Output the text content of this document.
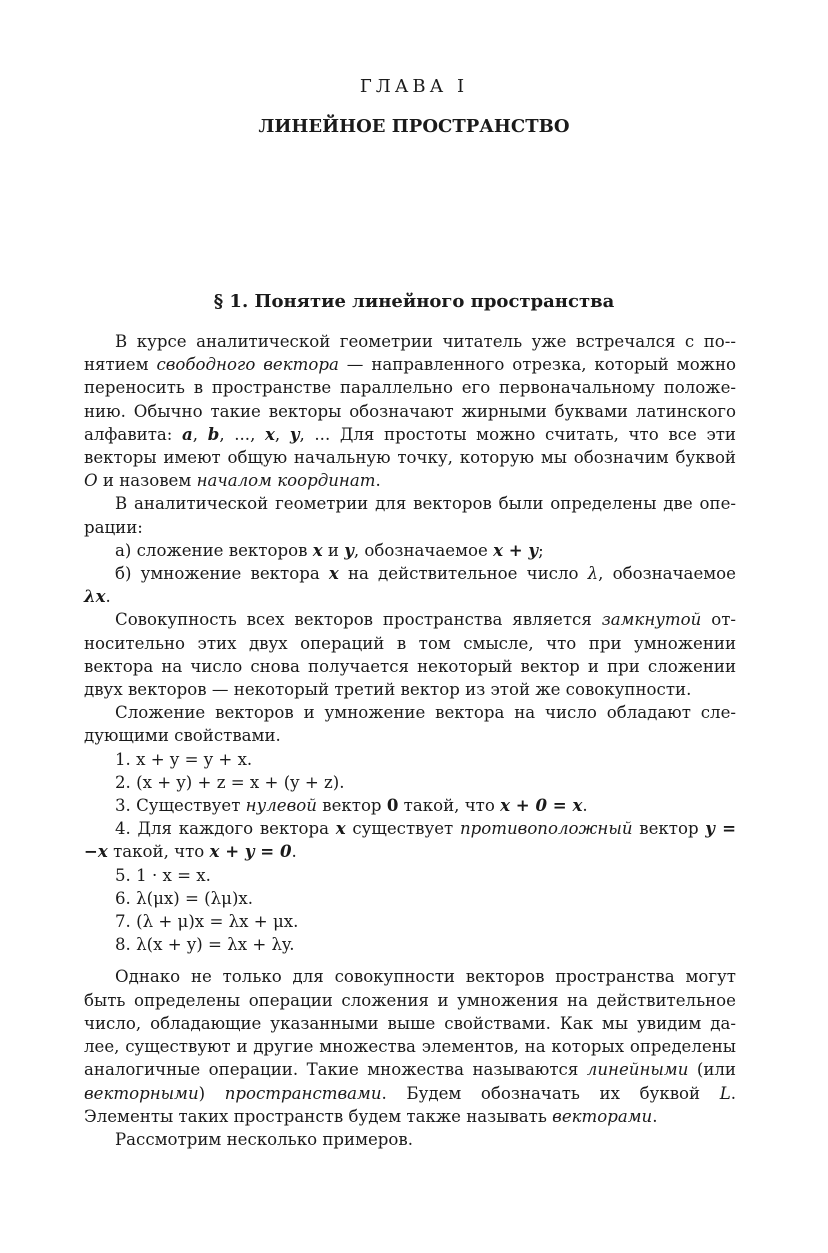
ГЛАВА I
ЛИНЕЙНОЕ ПРОСТРАНСТВО
§ 1. Понятие линейного пространства

В курсе аналитической геометрии читатель уже встречался с по-нятием свободного вектора — направленного отрезка, который можно переносить в пространстве параллельно его первоначальному положению. Обычно такие векторы обозначают жирными буквами латинского алфавита: a, b, ..., x, y, ... Для простоты можно считать, что все эти векторы имеют общую начальную точку, которую мы обозначим буквой O и назовем началом координат.

В аналитической геометрии для векторов были определены две операции:

а) сложение векторов x и y, обозначаемое x + y;

б) умножение вектора x на действительное число λ, обозначаемое λx.

Совокупность всех векторов пространства является замкнутой относительно этих двух операций в том смысле, что при умножении вектора на число снова получается некоторый вектор и при сложении двух векторов — некоторый третий вектор из этой же совокупности.

Сложение векторов и умножение вектора на число обладают следующими свойствами.

1. x + y = y + x.

2. (x + y) + z = x + (y + z).

3. Существует нулевой вектор 0 такой, что x + 0 = x.

4. Для каждого вектора x существует противоположный вектор y = −x такой, что x + y = 0.

5. 1 · x = x.

6. λ(μx) = (λμ)x.

7. (λ + μ)x = λx + μx.

8. λ(x + y) = λx + λy.

Однако не только для совокупности векторов пространства могут быть определены операции сложения и умножения на действительное число, обладающие указанными выше свойствами. Как мы увидим далее, существуют и другие множества элементов, на которых определены аналогичные операции. Такие множества называются линейными (или векторными) пространствами. Будем обозначать их буквой L. Элементы таких пространств будем также называть векторами.

Рассмотрим несколько примеров.
